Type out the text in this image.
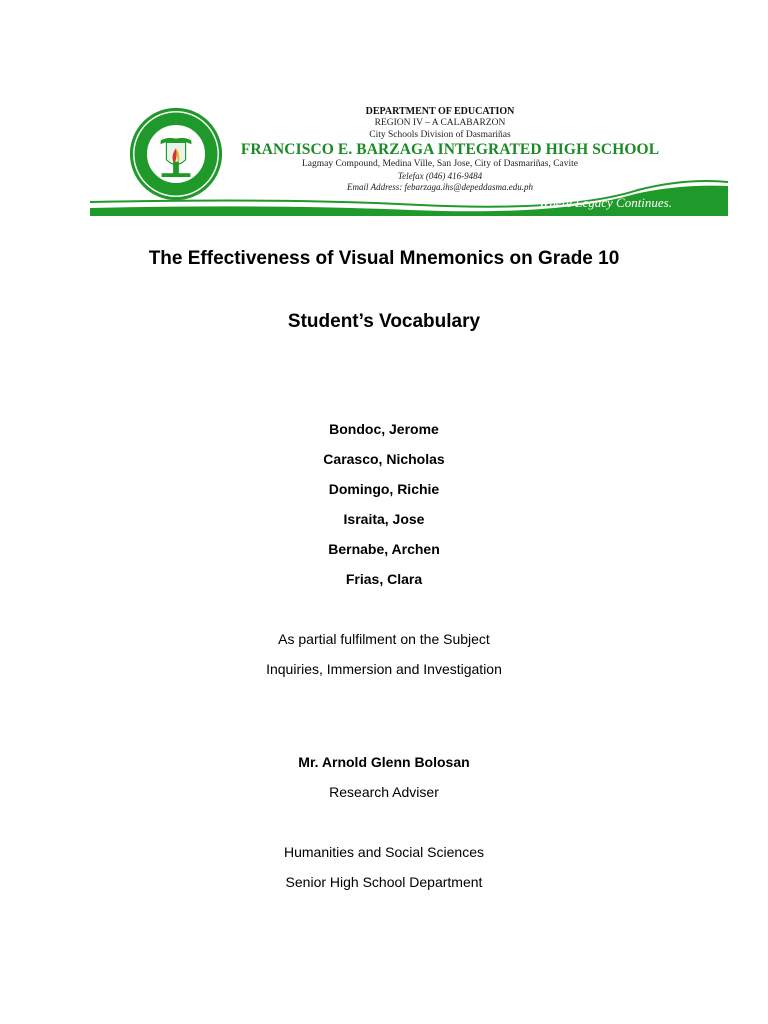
DEPARTMENT OF EDUCATION
REGION IV – A CALABARZON
City Schools Division of Dasmariñas
FRANCISCO E. BARZAGA INTEGRATED HIGH SCHOOL
Lagmay Compound, Medina Ville, San Jose, City of Dasmariñas, Cavite
Telefax (046) 416-9484
Email Address: febarzaga.ihs@depeddasma.edu.ph
Where Legacy Continues.
The Effectiveness of Visual Mnemonics on Grade 10
Student’s Vocabulary
Bondoc, Jerome
Carasco, Nicholas
Domingo, Richie
Israita, Jose
Bernabe, Archen
Frias, Clara
As partial fulfilment on the Subject
Inquiries, Immersion and Investigation
Mr. Arnold Glenn Bolosan
Research Adviser
Humanities and Social Sciences
Senior High School Department
